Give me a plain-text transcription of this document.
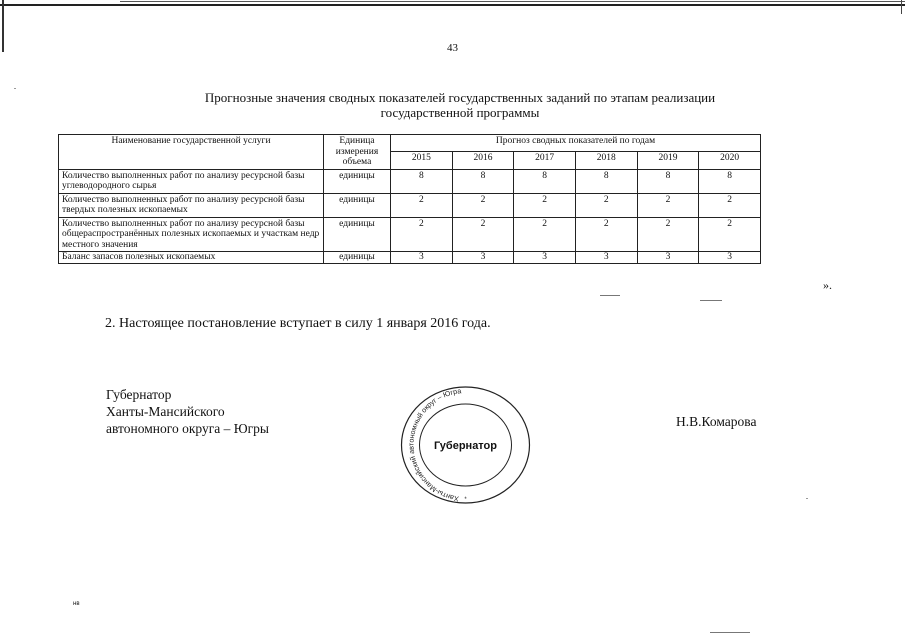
43
Прогнозные значения сводных показателей государственных заданий по этапам реализации
государственной программы
Наименование государственной услуги	Единица
измерения
объема	Прогноз сводных показателей по годам					
		2015	2016	2017	2018	2019	2020
Количество выполненных работ по анализу ресурсной базы углеводородного сырья	единицы	8	8	8	8	8	8
Количество выполненных работ по анализу ресурсной базы твердых полезных ископаемых	единицы	2	2	2	2	2	2
Количество выполненных работ по анализу ресурсной базы общераспространённых полезных ископаемых и участкам недр местного значения	единицы	2	2	2	2	2	2
Баланс запасов полезных ископаемых	единицы	3	3	3	3	3	3
».
2. Настоящее постановление вступает в силу 1 января 2016 года.
Губернатор
Ханты-Мансийского
автономного округа – Югры
Ханты-Мансийский автономный округ – Югра
Губернатор
*
Н.В.Комарова
нв
